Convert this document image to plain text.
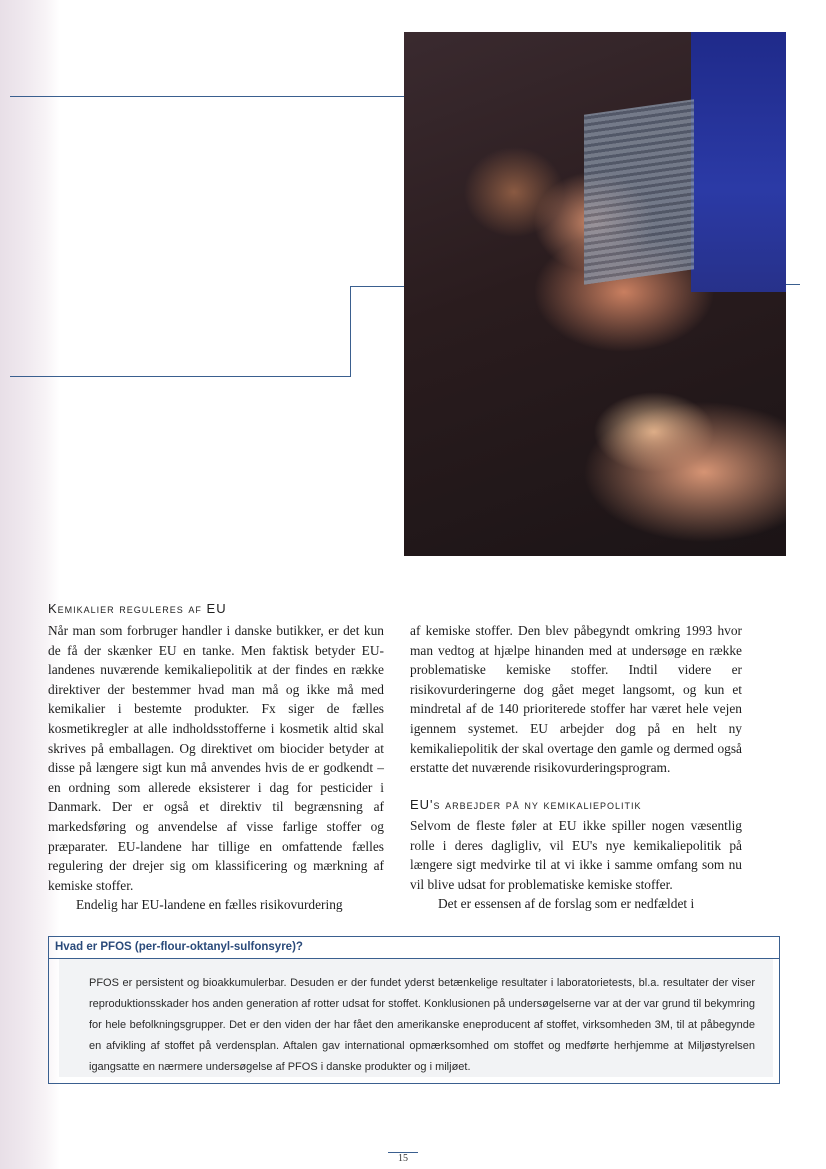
Kemikalier reguleres af EU

Når man som forbruger handler i danske butikker, er det kun de få der skænker EU en tanke. Men faktisk betyder EU-landenes nuværende kemikaliepolitik at der findes en række direktiver der bestemmer hvad man må og ikke må med kemikalier i bestemte produkter. Fx siger de fælles kosmetikregler at alle indholdsstofferne i kosmetik altid skal skrives på emballagen. Og direktivet om biocider betyder at disse på længere sigt kun må anvendes hvis de er godkendt – en ordning som allerede eksisterer i dag for pesticider i Danmark. Der er også et direktiv til begrænsning af markedsføring og anvendelse af visse farlige stoffer og præparater. EU-landene har tillige en omfattende fælles regulering der drejer sig om klassificering og mærkning af kemiske stoffer.

Endelig har EU-landene en fælles risikovurdering

af kemiske stoffer. Den blev påbegyndt omkring 1993 hvor man vedtog at hjælpe hinanden med at undersøge en række problematiske kemiske stoffer. Indtil videre er risikovurderingerne dog gået meget langsomt, og kun et mindretal af de 140 prioriterede stoffer har været hele vejen igennem systemet. EU arbejder dog på en helt ny kemikaliepolitik der skal overtage den gamle og dermed også erstatte det nuværende risikovurderingsprogram.

EU's arbejder på ny kemikaliepolitik

Selvom de fleste føler at EU ikke spiller nogen væsentlig rolle i deres dagligliv, vil EU's nye kemikaliepolitik på længere sigt medvirke til at vi ikke i samme omfang som nu vil blive udsat for problematiske kemiske stoffer.

Det er essensen af de forslag som er nedfældet i

Hvad er PFOS (per-flour-oktanyl-sulfonsyre)?
PFOS er persistent og bioakkumulerbar. Desuden er der fundet yderst betænkelige resultater i laboratorietests, bl.a. resultater der viser reproduktionsskader hos anden generation af rotter udsat for stoffet. Konklusionen på undersøgelserne var at der var grund til bekymring for hele befolkningsgrupper. Det er den viden der har fået den amerikanske eneproducent af stoffet, virksomheden 3M, til at påbegynde en afvikling af stoffet på verdensplan. Aftalen gav international opmærksomhed om stoffet og medførte herhjemme at Miljøstyrelsen igangsatte en nærmere undersøgelse af PFOS i danske produkter og i miljøet.
15
